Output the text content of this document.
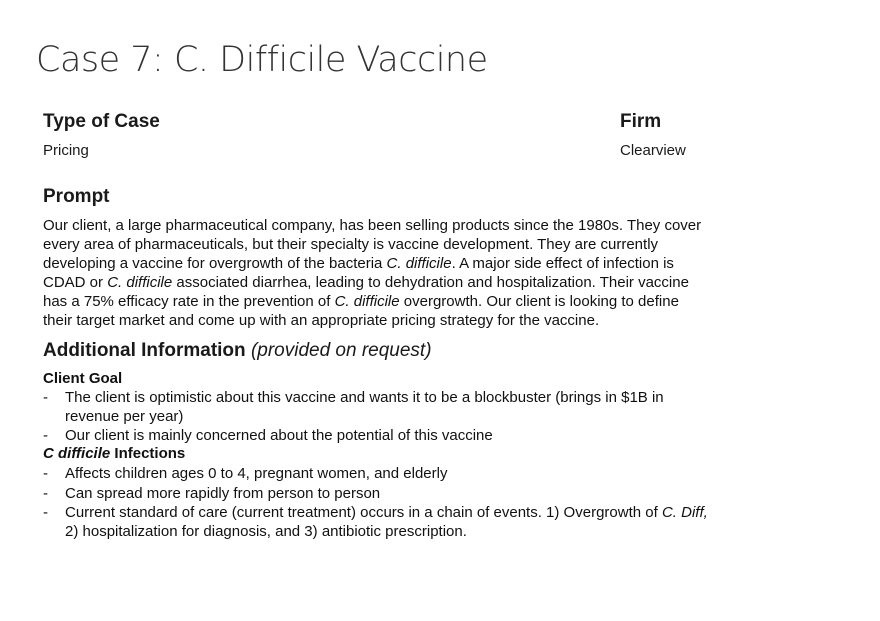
Case 7: C. Difficile Vaccine
Type of Case
Pricing
Firm
Clearview
Prompt
Our client, a large pharmaceutical company, has been selling products since the 1980s. They cover
every area of pharmaceuticals, but their specialty is vaccine development. They are currently
developing a vaccine for overgrowth of the bacteria C. difficile. A major side effect of infection is
CDAD or C. difficile associated diarrhea, leading to dehydration and hospitalization. Their vaccine
has a 75% efficacy rate in the prevention of C. difficile overgrowth. Our client is looking to define
their target market and come up with an appropriate pricing strategy for the vaccine.
Additional Information (provided on request)
Client Goal
- The client is optimistic about this vaccine and wants it to be a blockbuster (brings in $1B in
revenue per year)
- Our client is mainly concerned about the potential of this vaccine
C difficile Infections
- Affects children ages 0 to 4, pregnant women, and elderly
- Can spread more rapidly from person to person
- Current standard of care (current treatment) occurs in a chain of events. 1) Overgrowth of C. Diff,
2) hospitalization for diagnosis, and 3) antibiotic prescription.
